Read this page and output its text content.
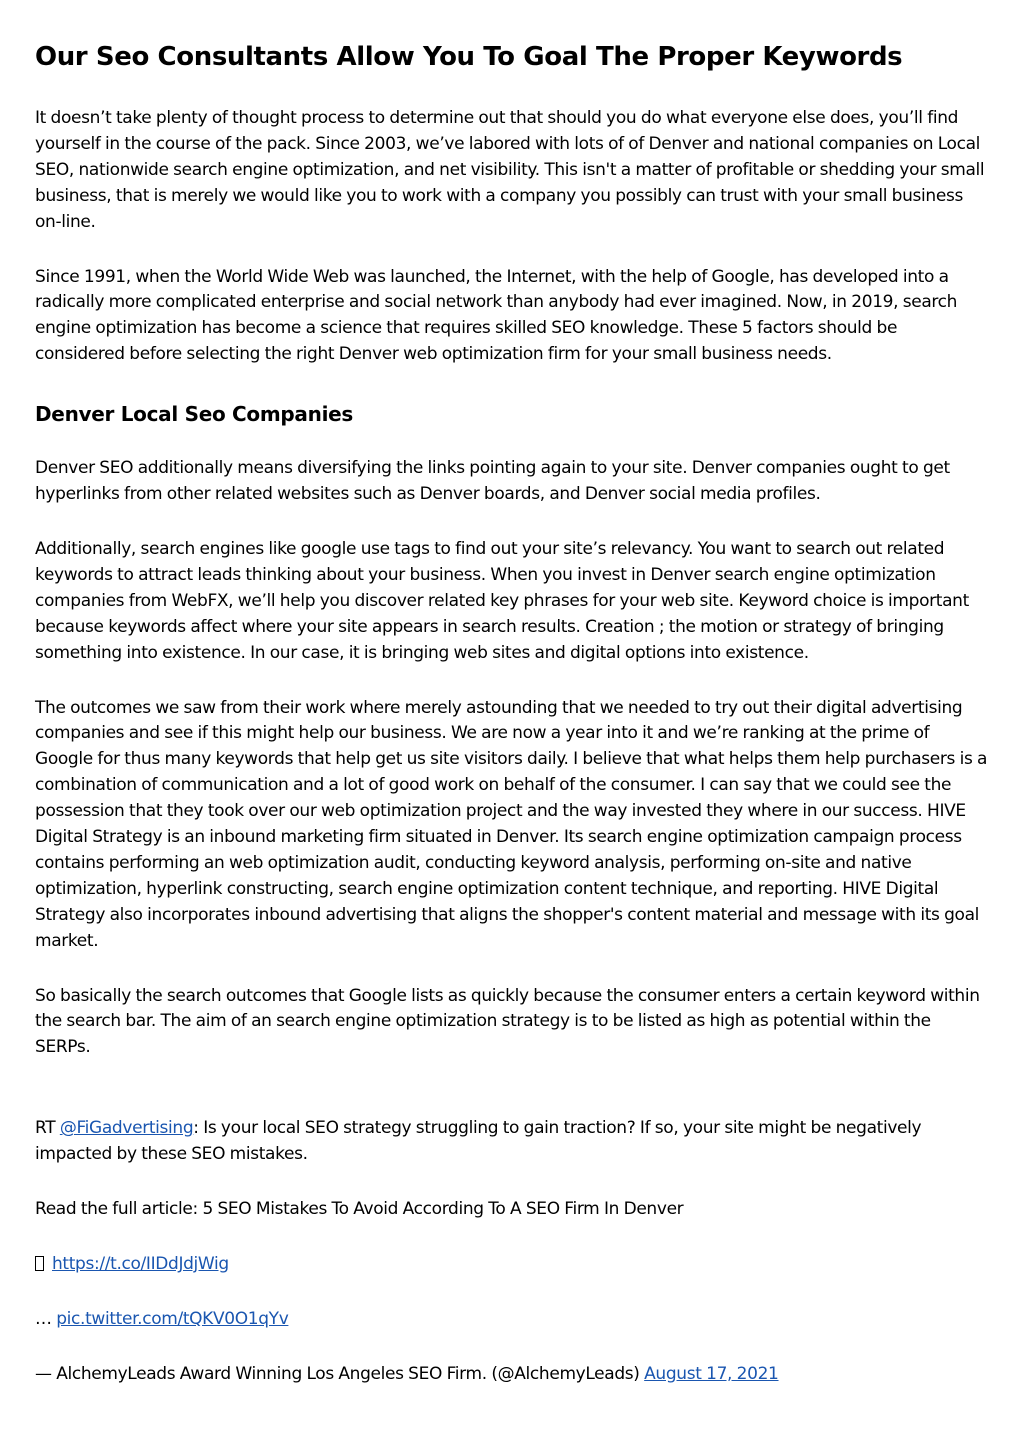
Our Seo Consultants Allow You To Goal The Proper Keywords

It doesn’t take plenty of thought process to determine out that should you do what everyone else does, you’ll find yourself in the course of the pack. Since 2003, we’ve labored with lots of of Denver and national companies on Local SEO, nationwide search engine optimization, and net visibility. This isn't a matter of profitable or shedding your small business, that is merely we would like you to work with a company you possibly can trust with your small business on-line.

Since 1991, when the World Wide Web was launched, the Internet, with the help of Google, has developed into a radically more complicated enterprise and social network than anybody had ever imagined. Now, in 2019, search engine optimization has become a science that requires skilled SEO knowledge. These 5 factors should be considered before selecting the right Denver web optimization firm for your small business needs.

Denver Local Seo Companies

Denver SEO additionally means diversifying the links pointing again to your site. Denver companies ought to get hyperlinks from other related websites such as Denver boards, and Denver social media profiles.

Additionally, search engines like google use tags to find out your site’s relevancy. You want to search out related keywords to attract leads thinking about your business. When you invest in Denver search engine optimization companies from WebFX, we’ll help you discover related key phrases for your web site. Keyword choice is important because keywords affect where your site appears in search results. Creation ; the motion or strategy of bringing something into existence. In our case, it is bringing web sites and digital options into existence.

The outcomes we saw from their work where merely astounding that we needed to try out their digital advertising companies and see if this might help our business. We are now a year into it and we’re ranking at the prime of Google for thus many keywords that help get us site visitors daily. I believe that what helps them help purchasers is a combination of communication and a lot of good work on behalf of the consumer. I can say that we could see the possession that they took over our web optimization project and the way invested they where in our success. HIVE Digital Strategy is an inbound marketing firm situated in Denver. Its search engine optimization campaign process contains performing an web optimization audit, conducting keyword analysis, performing on-site and native optimization, hyperlink constructing, search engine optimization content technique, and reporting. HIVE Digital Strategy also incorporates inbound advertising that aligns the shopper's content material and message with its goal market.

So basically the search outcomes that Google lists as quickly because the consumer enters a certain keyword within the search bar. The aim of an search engine optimization strategy is to be listed as high as potential within the SERPs.

RT @FiGadvertising: Is your local SEO strategy struggling to gain traction? If so, your site might be negatively impacted by these SEO mistakes.

Read the full article: 5 SEO Mistakes To Avoid According To A SEO Firm In Denver

https://t.co/IIDdJdjWig

… pic.twitter.com/tQKV0O1qYv

— AlchemyLeads Award Winning Los Angeles SEO Firm. (@AlchemyLeads) August 17, 2021
